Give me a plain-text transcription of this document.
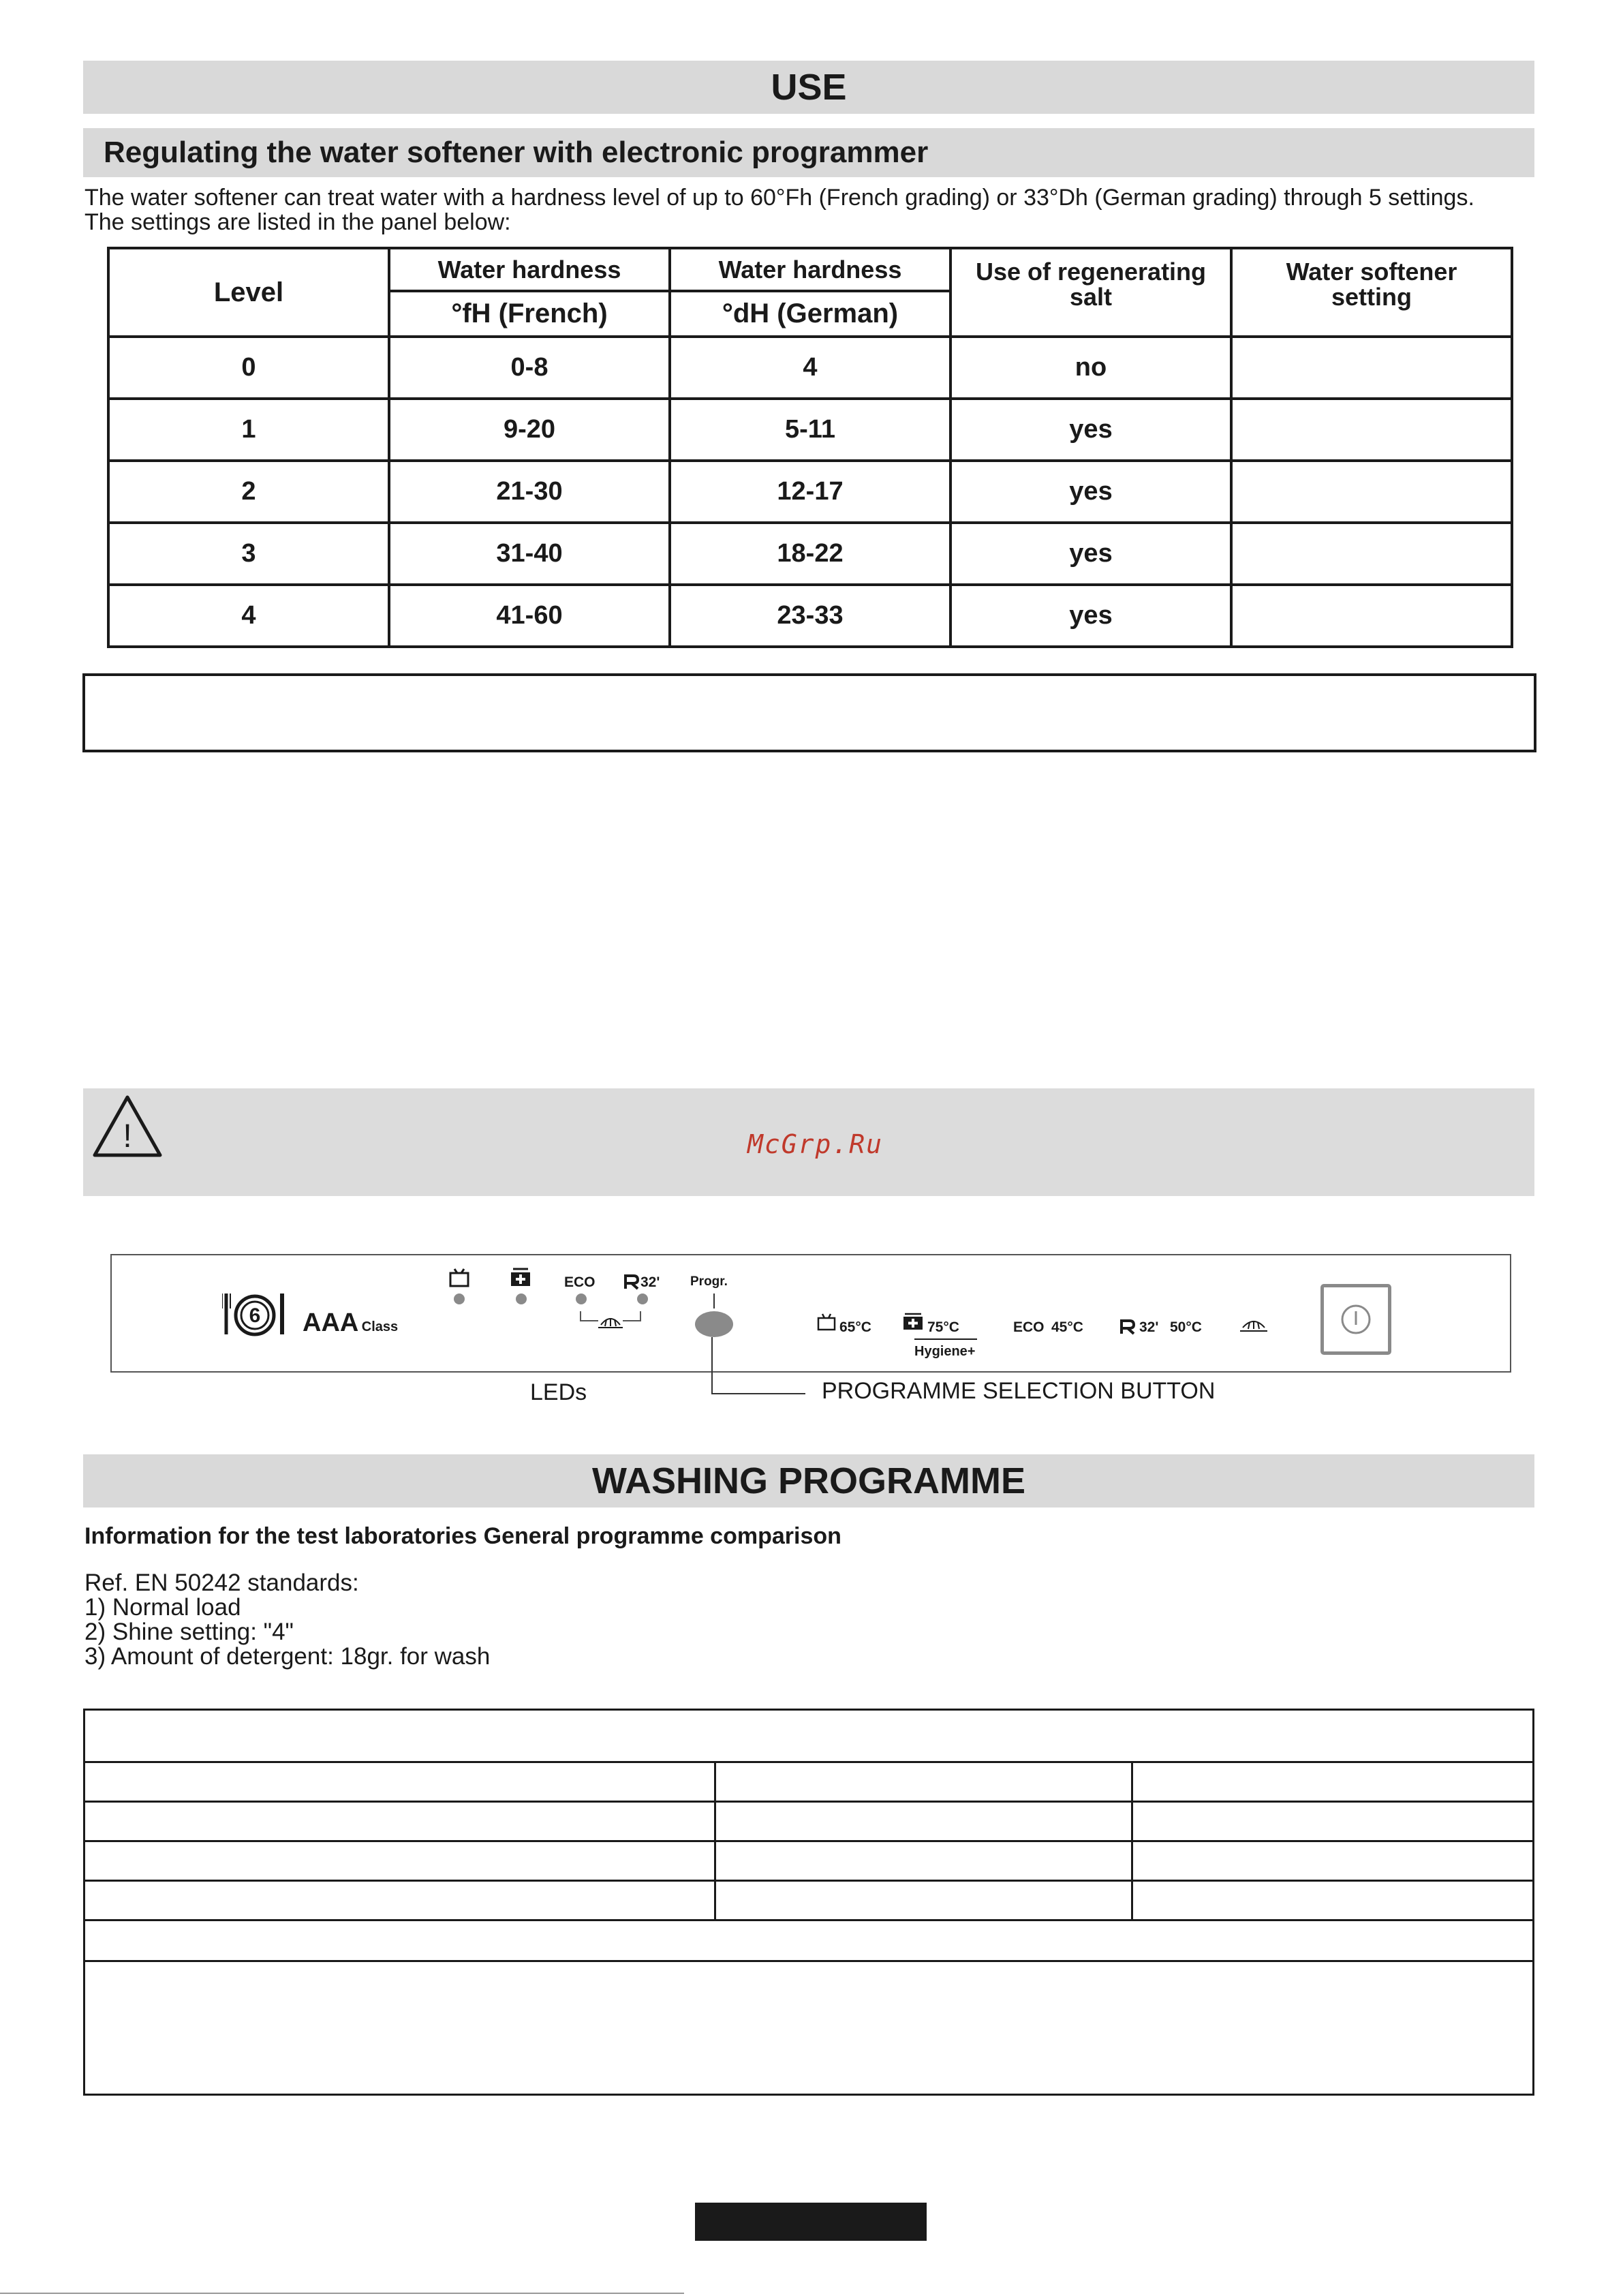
USE
Regulating the water softener with electronic programmer
The water softener can treat water with a hardness level of up to 60°Fh (French grading) or 33°Dh (German grading) through 5 settings.
The settings are listed in the panel below:
Level	Water hardness	Water hardness	Use of regenerating salt	Water softener setting
	°fH (French)	°dH (German)		
0	0-8	4	no	
1	9-20	5-11	yes	
2	21-30	12-17	yes	
3	31-40	18-22	yes	
4	41-60	23-33	yes	
!	McGrp.Ru
6 AAA Class
ECO	32' Progr.
65°C	75°C
Hygiene+
ECO 45°C	32' 50°C
LEDs	PROGRAMME SELECTION BUTTON
WASHING PROGRAMME
Information for the test laboratories General programme comparison
Ref. EN 50242 standards:
1) Normal load
2) Shine setting: "4"
3) Amount of detergent: 18gr. for wash
